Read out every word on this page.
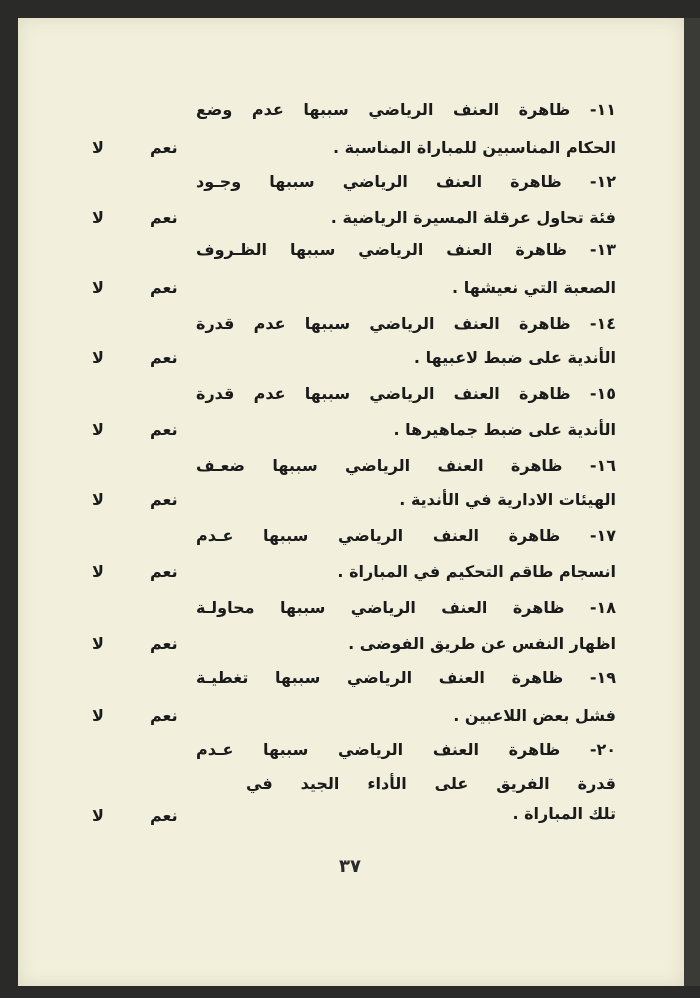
١١- ظاهرة العنف الرياضي سببها عدم وضع
الحكام المناسبين للمباراة المناسبة .
نعم
لا
١٢- ظاهرة العنف الرياضي سببها وجـود
فئة تحاول عرقلة المسيرة الرياضية .
نعم
لا
١٣- ظاهرة العنف الرياضي سببها الظـروف
الصعبة التي نعيشها .
نعم
لا
١٤- ظاهرة العنف الرياضي سببها عدم قدرة
الأندية على ضبط لاعبيها .
نعم
لا
١٥- ظاهرة العنف الرياضي سببها عدم قدرة
الأندية على ضبط جماهيرها .
نعم
لا
١٦- ظاهرة العنف الرياضي سببها ضعـف
الهيئات الادارية في الأندية .
نعم
لا
١٧- ظاهرة العنف الرياضي سببها عـدم
انسجام طاقم التحكيم في المباراة .
نعم
لا
١٨- ظاهرة العنف الرياضي سببها محاولـة
اظهار النفس عن طريق الفوضى .
نعم
لا
١٩- ظاهرة العنف الرياضي سببها تغطيـة
فشل بعض اللاعبين .
نعم
لا
٢٠- ظاهرة العنف الرياضي سببها عـدم
قدرة الفريق على الأداء الجيد في
تلك المباراة .
نعم
لا
٣٧
